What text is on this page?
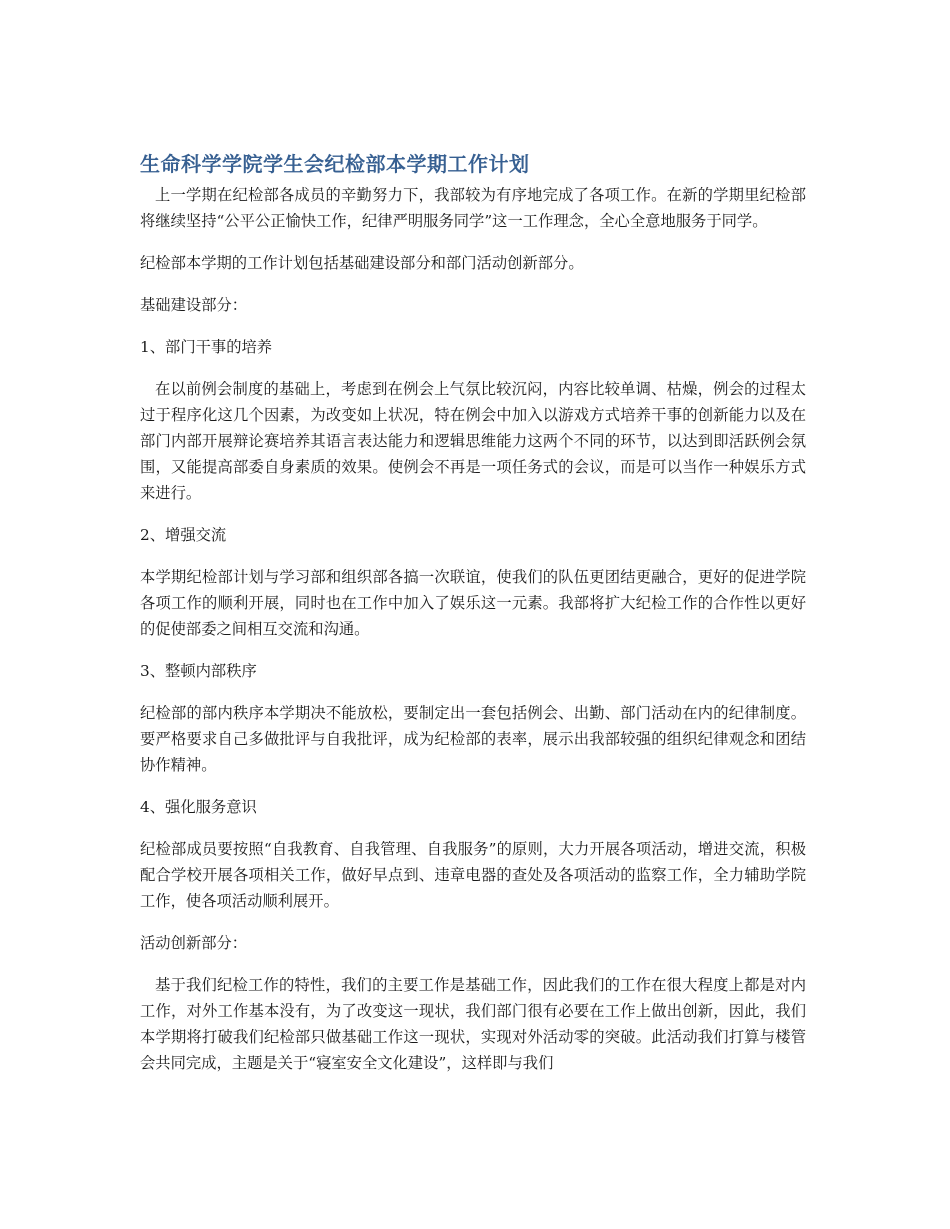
生命科学学院学生会纪检部本学期工作计划

上一学期在纪检部各成员的辛勤努力下，我部较为有序地完成了各项工作。在新的学期里纪检部将继续坚持“公平公正愉快工作，纪律严明服务同学”这一工作理念，全心全意地服务于同学。

纪检部本学期的工作计划包括基础建设部分和部门活动创新部分。

基础建设部分：

1、部门干事的培养

在以前例会制度的基础上，考虑到在例会上气氛比较沉闷，内容比较单调、枯燥，例会的过程太过于程序化这几个因素，为改变如上状况，特在例会中加入以游戏方式培养干事的创新能力以及在部门内部开展辩论赛培养其语言表达能力和逻辑思维能力这两个不同的环节，以达到即活跃例会氛围，又能提高部委自身素质的效果。使例会不再是一项任务式的会议，而是可以当作一种娱乐方式来进行。

2、增强交流

本学期纪检部计划与学习部和组织部各搞一次联谊，使我们的队伍更团结更融合，更好的促进学院各项工作的顺利开展，同时也在工作中加入了娱乐这一元素。我部将扩大纪检工作的合作性以更好的促使部委之间相互交流和沟通。

3、整顿内部秩序

纪检部的部内秩序本学期决不能放松，要制定出一套包括例会、出勤、部门活动在内的纪律制度。要严格要求自己多做批评与自我批评，成为纪检部的表率，展示出我部较强的组织纪律观念和团结协作精神。

4、强化服务意识

纪检部成员要按照“自我教育、自我管理、自我服务”的原则，大力开展各项活动，增进交流，积极配合学校开展各项相关工作，做好早点到、违章电器的查处及各项活动的监察工作，全力辅助学院工作，使各项活动顺利展开。

活动创新部分：

基于我们纪检工作的特性，我们的主要工作是基础工作，因此我们的工作在很大程度上都是对内工作，对外工作基本没有，为了改变这一现状，我们部门很有必要在工作上做出创新，因此，我们本学期将打破我们纪检部只做基础工作这一现状，实现对外活动零的突破。此活动我们打算与楼管会共同完成，主题是关于“寝室安全文化建设”，这样即与我们
